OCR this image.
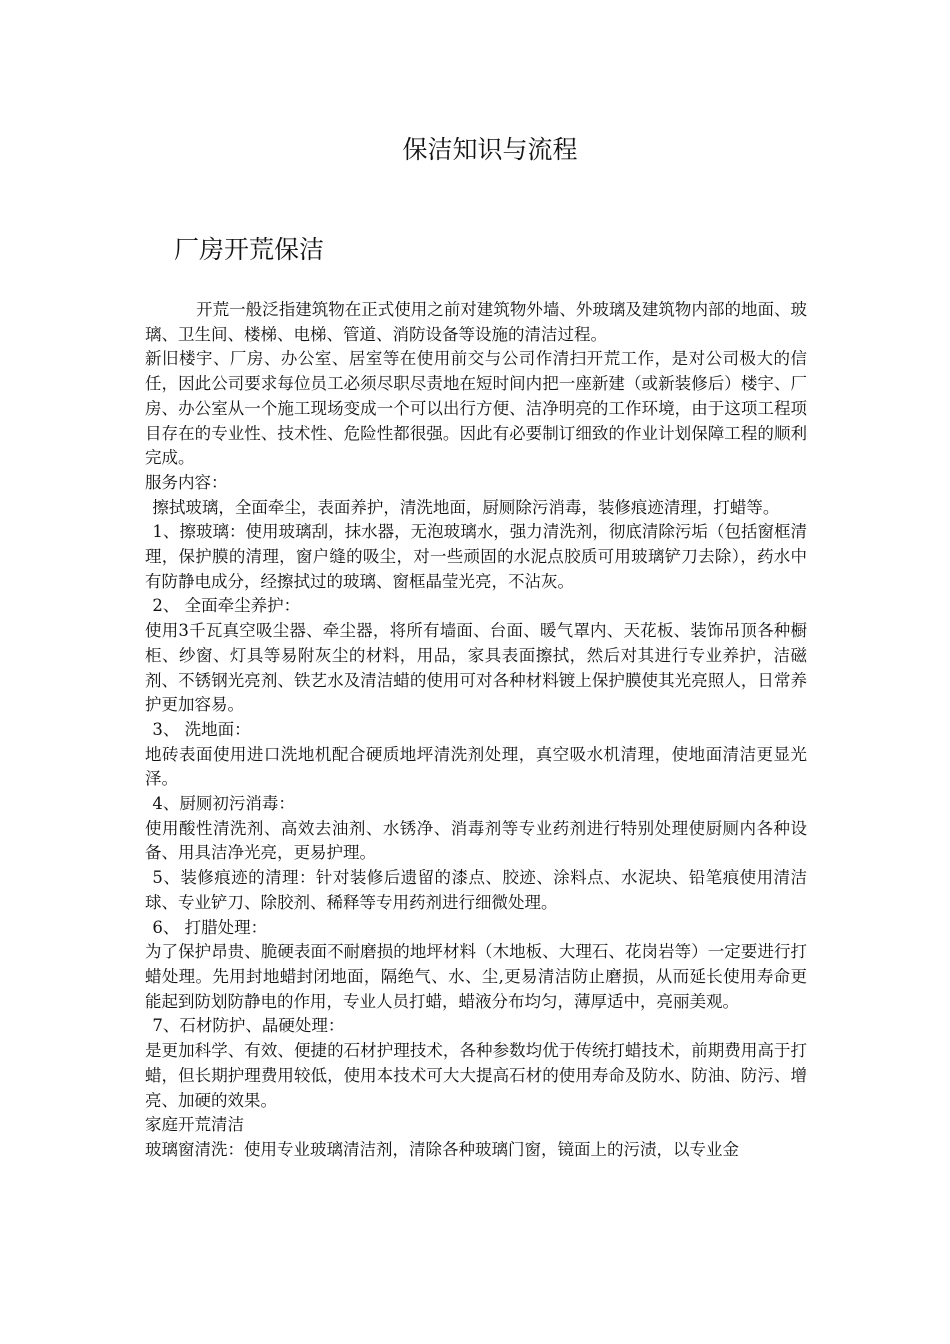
保洁知识与流程
厂房开荒保洁

开荒一般泛指建筑物在正式使用之前对建筑物外墙、外玻璃及建筑物内部的地面、玻璃、卫生间、楼梯、电梯、管道、消防设备等设施的清洁过程。

新旧楼宇、厂房、办公室、居室等在使用前交与公司作清扫开荒工作，是对公司极大的信任，因此公司要求每位员工必须尽职尽责地在短时间内把一座新建（或新装修后）楼宇、厂房、办公室从一个施工现场变成一个可以出行方便、洁净明亮的工作环境，由于这项工程项目存在的专业性、技术性、危险性都很强。因此有必要制订细致的作业计划保障工程的顺利完成。

服务内容：

擦拭玻璃，全面牵尘，表面养护，清洗地面，厨厕除污消毒，装修痕迹清理，打蜡等。

1、擦玻璃：使用玻璃刮，抹水器，无泡玻璃水，强力清洗剂，彻底清除污垢（包括窗框清理，保护膜的清理，窗户缝的吸尘，对一些顽固的水泥点胶质可用玻璃铲刀去除），药水中有防静电成分，经擦拭过的玻璃、窗框晶莹光亮，不沾灰。

2、 全面牵尘养护：

使用3千瓦真空吸尘器、牵尘器，将所有墙面、台面、暖气罩内、天花板、装饰吊顶各种橱柜、纱窗、灯具等易附灰尘的材料，用品，家具表面擦拭，然后对其进行专业养护，洁磁剂、不锈钢光亮剂、铁艺水及清洁蜡的使用可对各种材料镀上保护膜使其光亮照人，日常养护更加容易。

3、 洗地面：

地砖表面使用进口洗地机配合硬质地坪清洗剂处理，真空吸水机清理，使地面清洁更显光泽。

4、厨厕初污消毒：

使用酸性清洗剂、高效去油剂、水锈净、消毒剂等专业药剂进行特别处理使厨厕内各种设备、用具洁净光亮，更易护理。

5、装修痕迹的清理：针对装修后遗留的漆点、胶迹、涂料点、水泥块、铅笔痕使用清洁球、专业铲刀、除胶剂、稀释等专用药剂进行细微处理。

6、 打腊处理：

为了保护昂贵、脆硬表面不耐磨损的地坪材料（木地板、大理石、花岗岩等）一定要进行打蜡处理。先用封地蜡封闭地面，隔绝气、水、尘,更易清洁防止磨损，从而延长使用寿命更能起到防划防静电的作用，专业人员打蜡，蜡液分布均匀，薄厚适中，亮丽美观。

7、石材防护、晶硬处理：

是更加科学、有效、便捷的石材护理技术，各种参数均优于传统打蜡技术，前期费用高于打蜡，但长期护理费用较低，使用本技术可大大提高石材的使用寿命及防水、防油、防污、增亮、加硬的效果。

家庭开荒清洁

玻璃窗清洗：使用专业玻璃清洁剂，清除各种玻璃门窗，镜面上的污渍，以专业金
